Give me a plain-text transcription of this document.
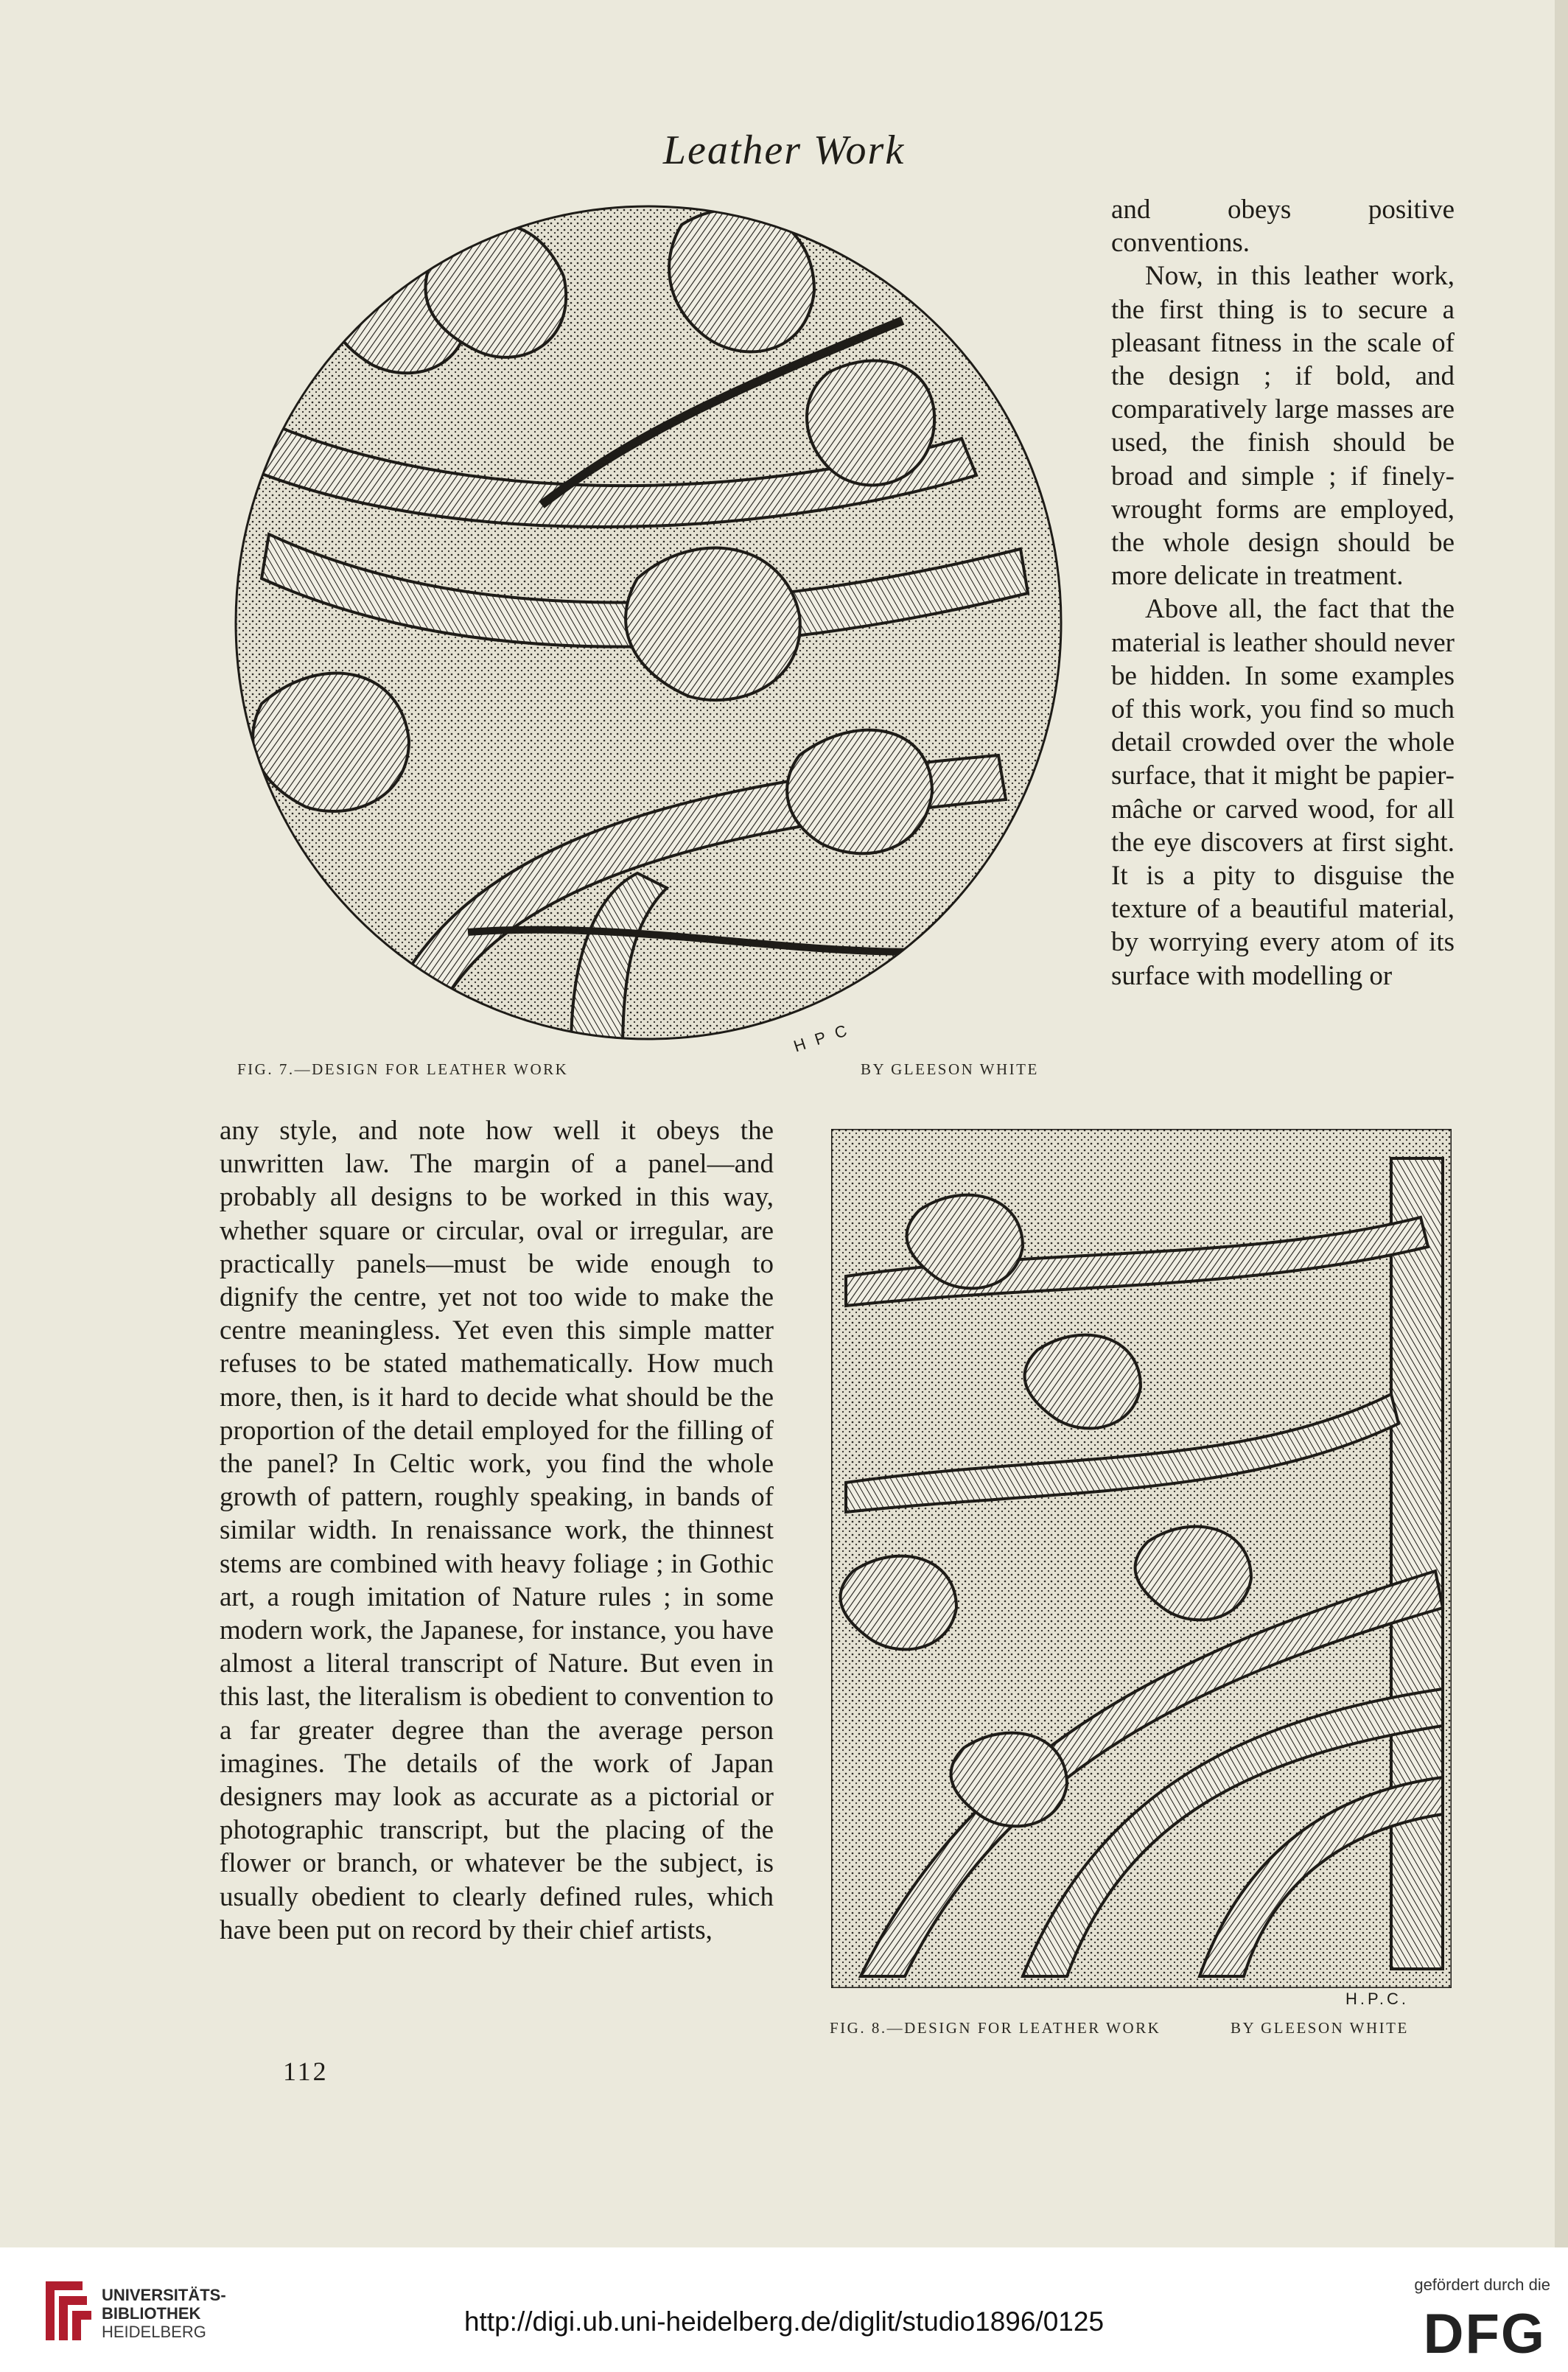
Leather Work
H P C
FIG. 7.—DESIGN FOR LEATHER WORK	BY GLEESON WHITE

and obeys positive conventions.

Now, in this leather work, the first thing is to secure a pleasant fitness in the scale of the design ; if bold, and comparatively large masses are used, the finish should be broad and simple ; if finely-wrought forms are employed, the whole design should be more delicate in treatment.

Above all, the fact that the material is leather should never be hidden. In some examples of this work, you find so much detail crowded over the whole surface, that it might be papier-mâche or carved wood, for all the eye discovers at first sight. It is a pity to disguise the texture of a beautiful material, by worrying every atom of its surface with modelling or

any style, and note how well it obeys the unwritten law. The margin of a panel—and probably all designs to be worked in this way, whether square or circular, oval or irregular, are practically panels—must be wide enough to dignify the centre, yet not too wide to make the centre meaningless. Yet even this simple matter refuses to be stated mathematically. How much more, then, is it hard to decide what should be the proportion of the detail employed for the filling of the panel? In Celtic work, you find the whole growth of pattern, roughly speaking, in bands of similar width. In renaissance work, the thinnest stems are combined with heavy foliage ; in Gothic art, a rough imitation of Nature rules ; in some modern work, the Japanese, for instance, you have almost a literal transcript of Nature. But even in this last, the literalism is obedient to convention to a far greater degree than the average person imagines. The details of the work of Japan designers may look as accurate as a pictorial or photographic transcript, but the placing of the flower or branch, or whatever be the subject, is usually obedient to clearly defined rules, which have been put on record by their chief artists,

112
H.P.C.
FIG. 8.—DESIGN FOR LEATHER WORK	BY GLEESON WHITE
UNIVERSITÄTS-
BIBLIOTHEK
HEIDELBERG	http://digi.ub.uni-heidelberg.de/diglit/studio1896/0125
gefördert durch die
DFG
